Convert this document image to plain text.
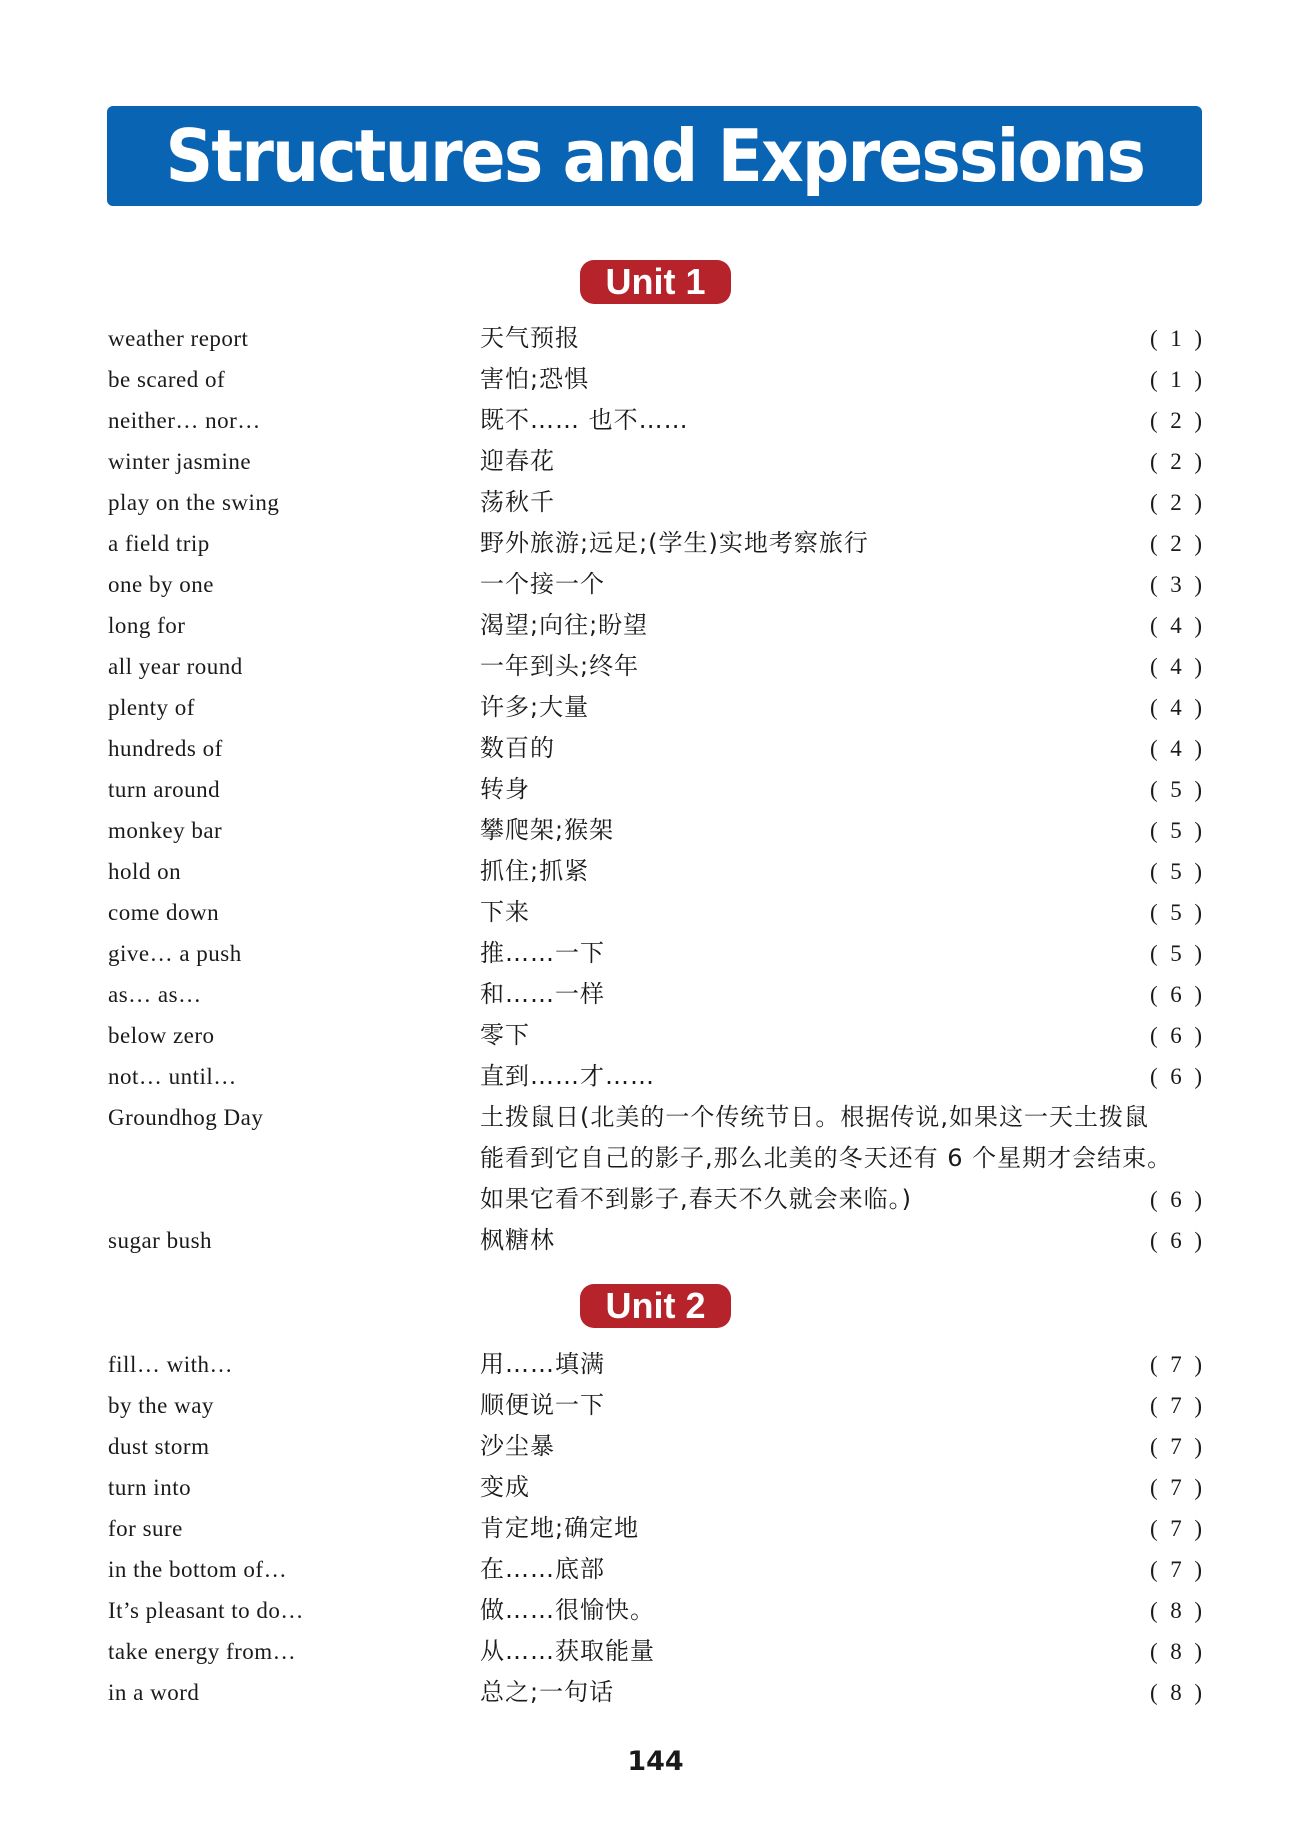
Structures and Expressions
Unit 1
weather report	天气预报	( 1 )
be scared of	害怕;恐惧	( 1 )
neither… nor…	既不…… 也不……	( 2 )
winter jasmine	迎春花	( 2 )
play on the swing	荡秋千	( 2 )
a field trip	野外旅游;远足;(学生)实地考察旅行	( 2 )
one by one	一个接一个	( 3 )
long for	渴望;向往;盼望	( 4 )
all year round	一年到头;终年	( 4 )
plenty of	许多;大量	( 4 )
hundreds of	数百的	( 4 )
turn around	转身	( 5 )
monkey bar	攀爬架;猴架	( 5 )
hold on	抓住;抓紧	( 5 )
come down	下来	( 5 )
give… a push	推……一下	( 5 )
as… as…	和……一样	( 6 )
below zero	零下	( 6 )
not… until…	直到……才……	( 6 )
Groundhog Day	土拨鼠日(北美的一个传统节日。根据传说,如果这一天土拨鼠
能看到它自己的影子,那么北美的冬天还有 6 个星期才会结束。
如果它看不到影子,春天不久就会来临。)	( 6 )
sugar bush	枫糖林	( 6 )
Unit 2
fill… with…	用……填满	( 7 )
by the way	顺便说一下	( 7 )
dust storm	沙尘暴	( 7 )
turn into	变成	( 7 )
for sure	肯定地;确定地	( 7 )
in the bottom of…	在……底部	( 7 )
It’s pleasant to do…	做……很愉快。	( 8 )
take energy from…	从……获取能量	( 8 )
in a word	总之;一句话	( 8 )
144
